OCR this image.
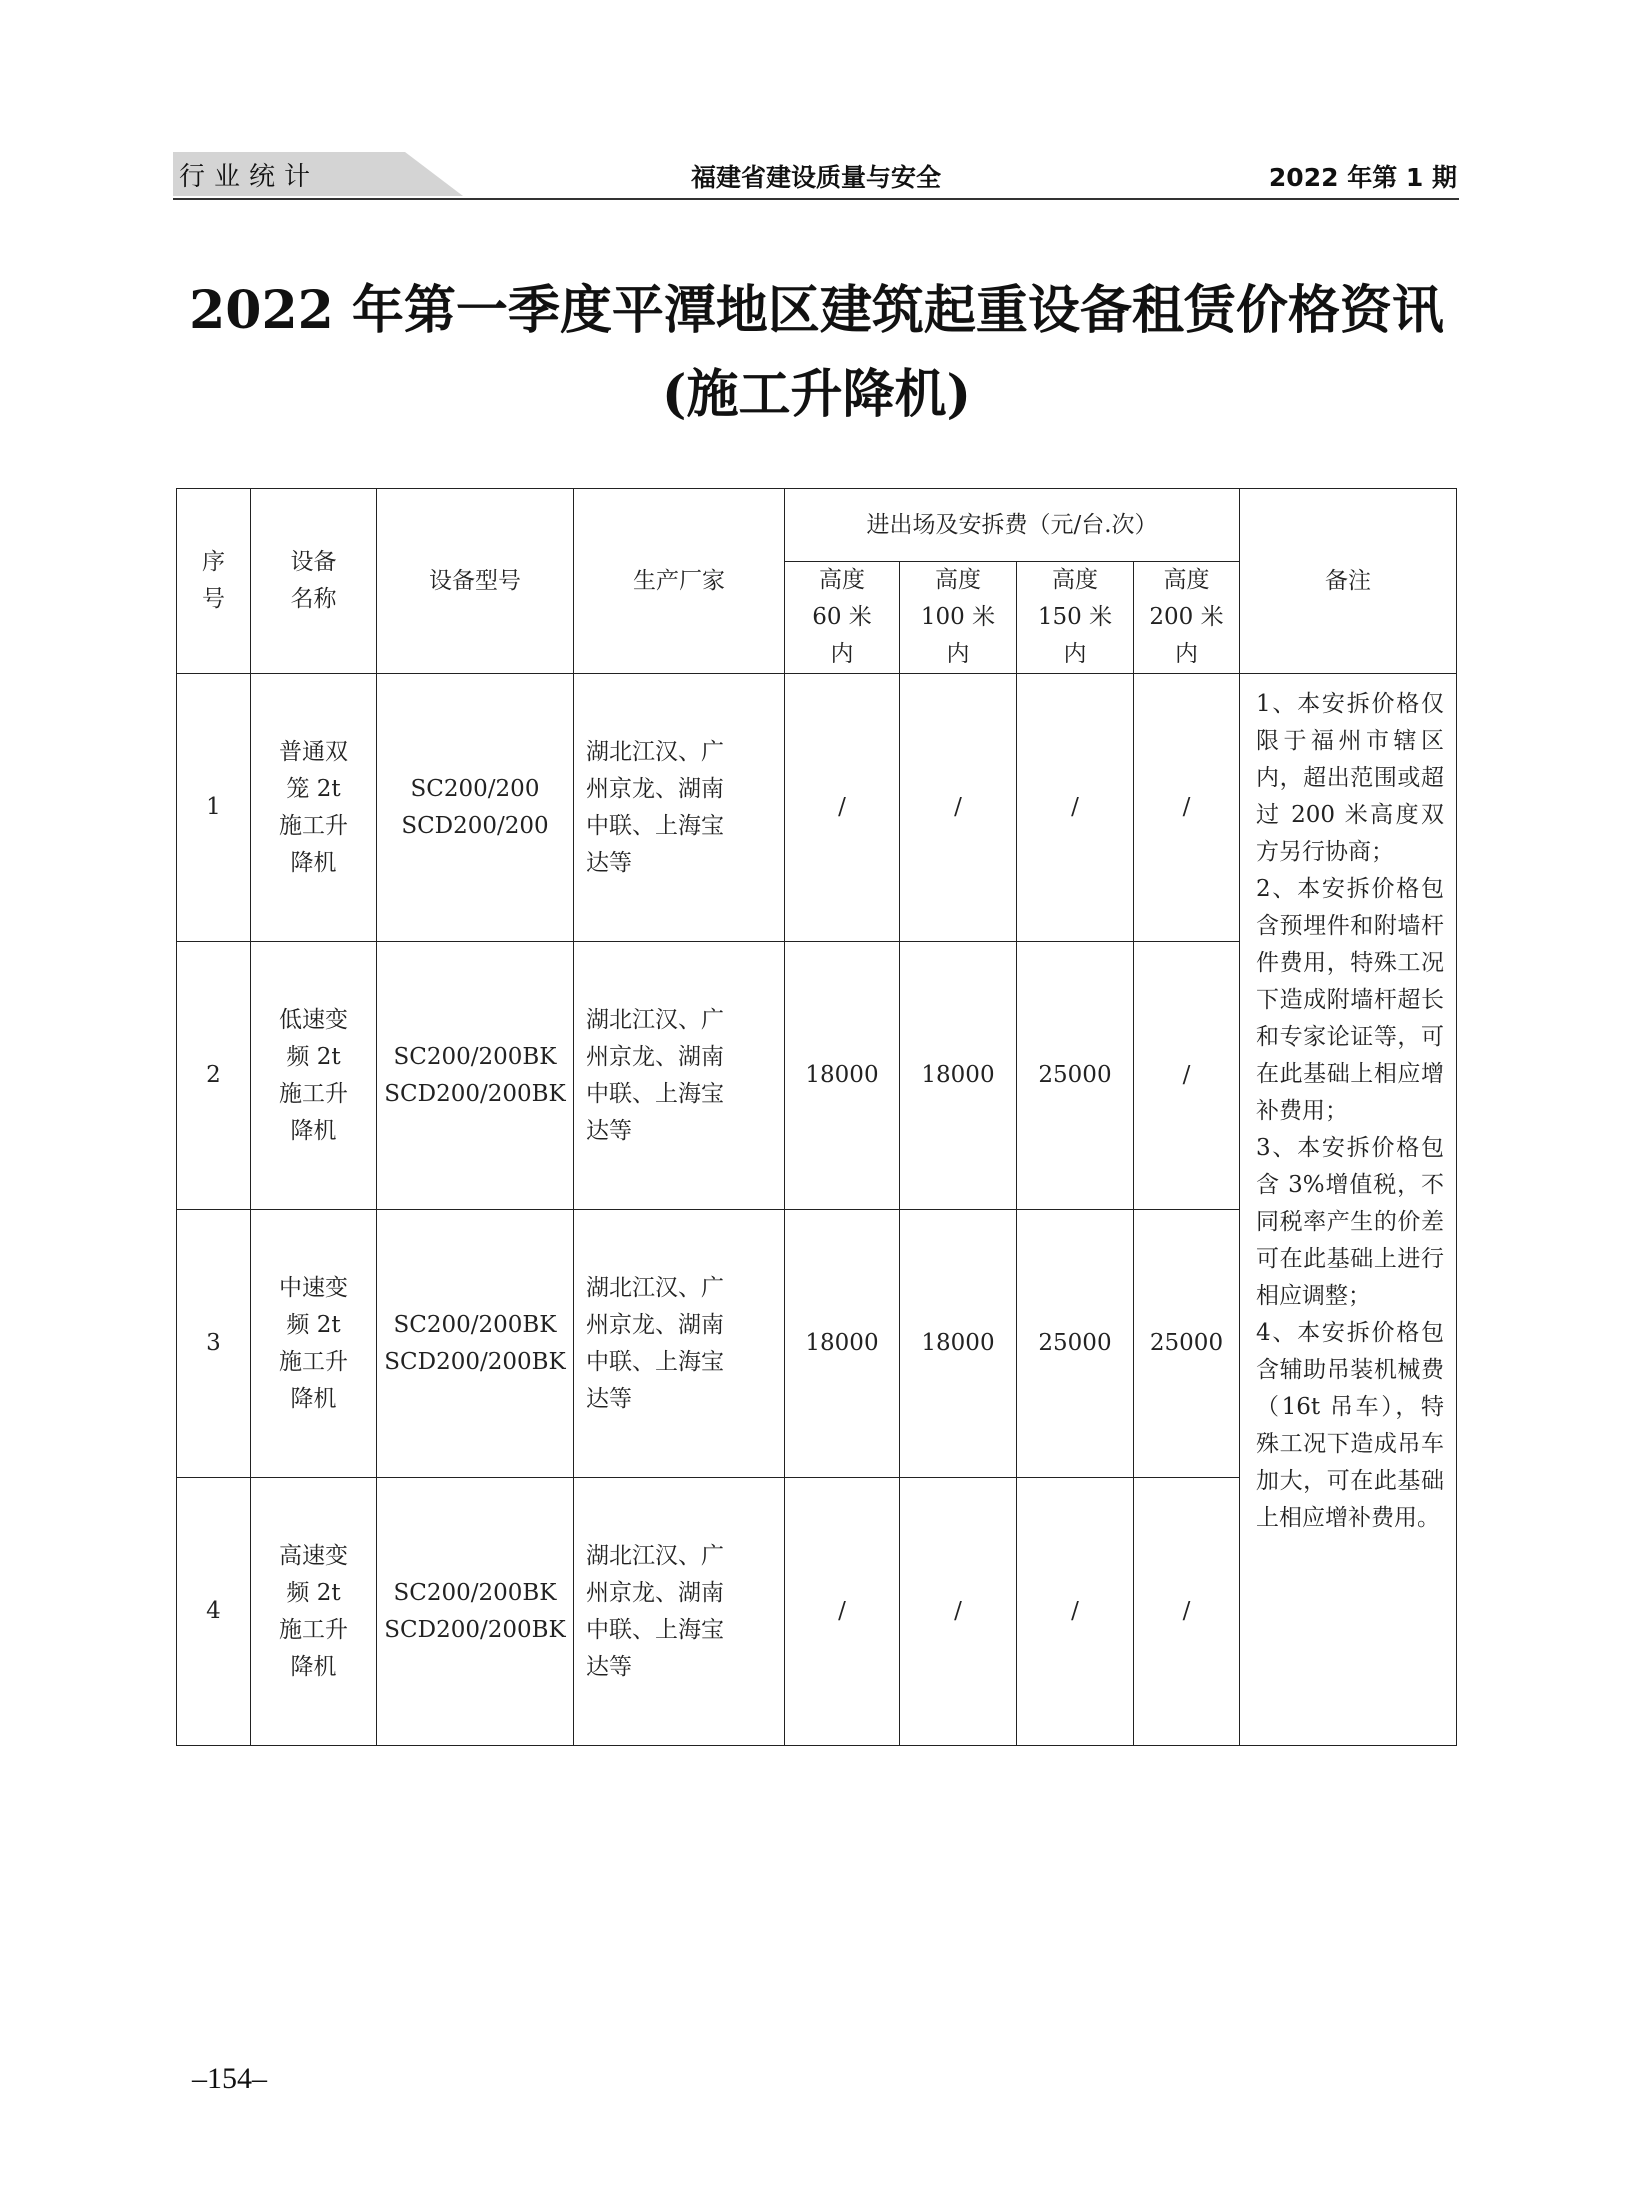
行业统计	福建省建设质量与安全	2022 年第 1 期
2022 年第一季度平潭地区建筑起重设备租赁价格资讯
(施工升降机)
序
号	设备
名称	设备型号	生产厂家	进出场及安拆费（元/台.次）				备注

				高度
60 米
内	高度
100 米
内	高度
150 米
内	高度
200 米
内	

1	普通双
笼 2t
施工升
降机	SC200/200
SCD200/200	湖北江汉、广
州京龙、湖南
中联、上海宝
达等	/	/	/	/	1、本安拆价格仅限于福州市辖区内，超出范围或超过 200 米高度双方另行协商；
2、本安拆价格包含预埋件和附墙杆件费用，特殊工况下造成附墙杆超长和专家论证等，可在此基础上相应增补费用；
3、本安拆价格包含 3%增值税，不同税率产生的价差可在此基础上进行相应调整；
4、本安拆价格包含辅助吊装机械费（16t 吊车），特殊工况下造成吊车加大，可在此基础上相应增补费用。

2	低速变
频 2t
施工升
降机	SC200/200BK
SCD200/200BK	湖北江汉、广
州京龙、湖南
中联、上海宝
达等	18000	18000	25000	/	
3	中速变
频 2t
施工升
降机	SC200/200BK
SCD200/200BK	湖北江汉、广
州京龙、湖南
中联、上海宝
达等	18000	18000	25000	25000	
4	高速变
频 2t
施工升
降机	SC200/200BK
SCD200/200BK	湖北江汉、广
州京龙、湖南
中联、上海宝
达等	/	/	/	/	
–154–
